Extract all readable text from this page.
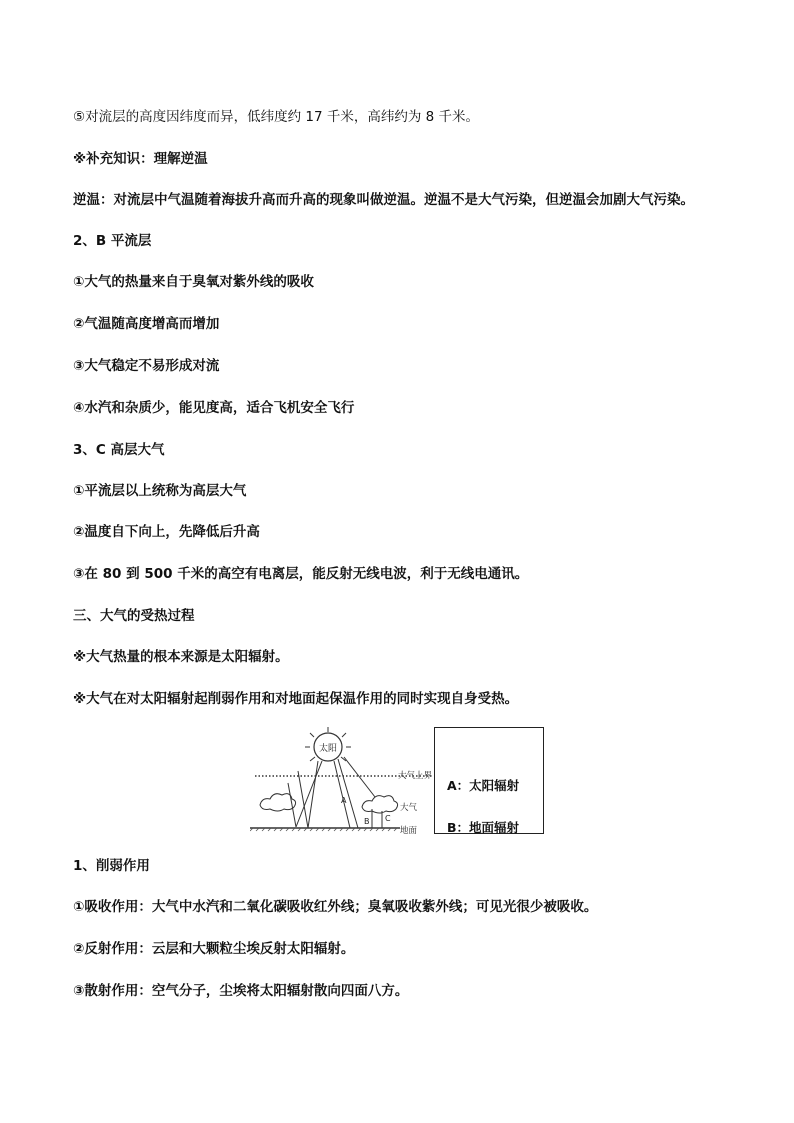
⑤对流层的高度因纬度而异，低纬度约 17 千米，高纬约为 8 千米。
※补充知识：理解逆温
逆温：对流层中气温随着海拔升高而升高的现象叫做逆温。逆温不是大气污染，但逆温会加剧大气污染。
2、B 平流层
①大气的热量来自于臭氧对紫外线的吸收
②气温随高度增高而增加
③大气稳定不易形成对流
④水汽和杂质少，能见度高，适合飞机安全飞行
3、C 高层大气
①平流层以上统称为高层大气
②温度自下向上，先降低后升高
③在 80 到 500 千米的高空有电离层，能反射无线电波，利于无线电通讯。
三、大气的受热过程
※大气热量的根本来源是太阳辐射。
※大气在对太阳辐射起削弱作用和对地面起保温作用的同时实现自身受热。
太阳
大气上界
大气
地面
A
B C
A：太阳辐射
B：地面辐射
1、削弱作用
①吸收作用：大气中水汽和二氧化碳吸收红外线；臭氧吸收紫外线；可见光很少被吸收。
②反射作用：云层和大颗粒尘埃反射太阳辐射。
③散射作用：空气分子，尘埃将太阳辐射散向四面八方。
